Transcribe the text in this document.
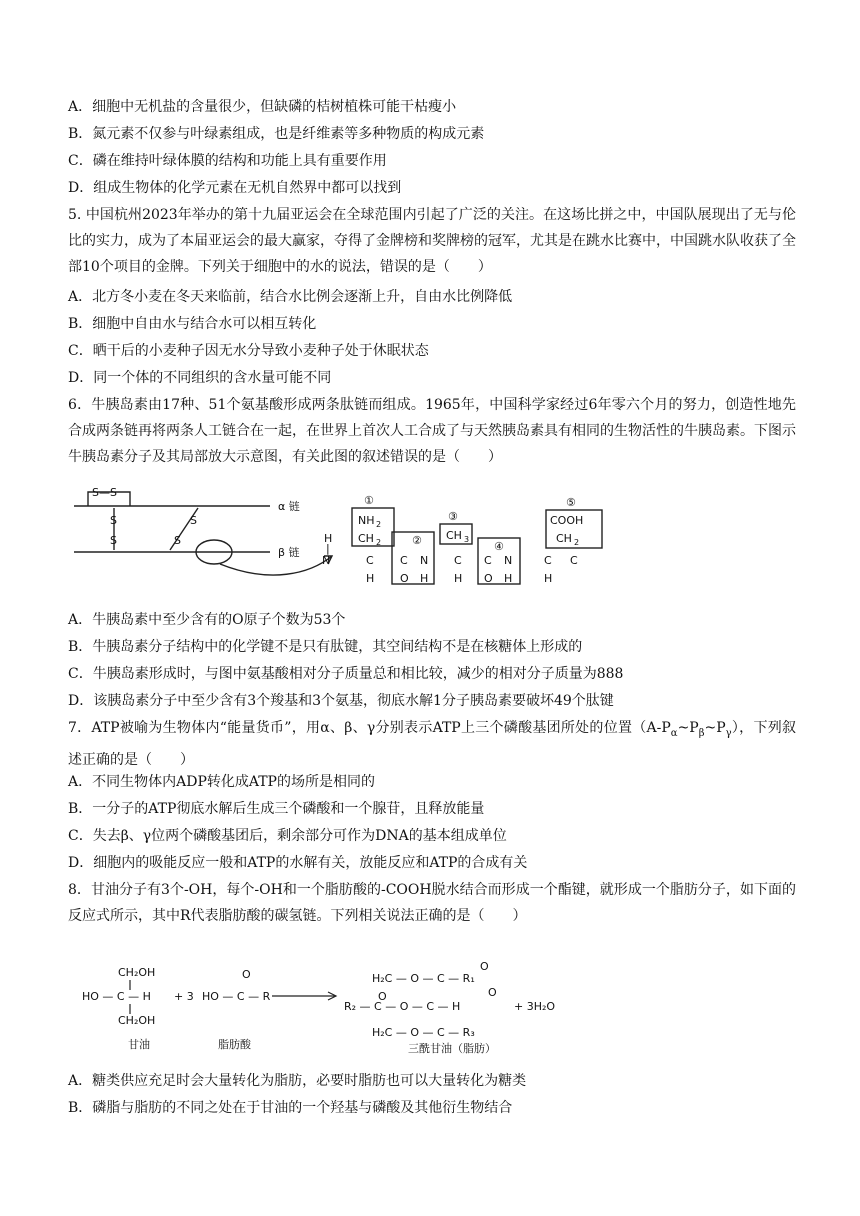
A．细胞中无机盐的含量很少，但缺磷的桔树植株可能干枯瘦小
B．氮元素不仅参与叶绿素组成，也是纤维素等多种物质的构成元素
C．磷在维持叶绿体膜的结构和功能上具有重要作用
D．组成生物体的化学元素在无机自然界中都可以找到
5. 中国杭州2023年举办的第十九届亚运会在全球范围内引起了广泛的关注。在这场比拼之中，中国队展现出了无与伦比的实力，成为了本届亚运会的最大赢家，夺得了金牌榜和奖牌榜的冠军，尤其是在跳水比赛中，中国跳水队收获了全部10个项目的金牌。下列关于细胞中的水的说法，错误的是（　　）
A．北方冬小麦在冬天来临前，结合水比例会逐渐上升，自由水比例降低
B．细胞中自由水与结合水可以相互转化
C．晒干后的小麦种子因无水分导致小麦种子处于休眠状态
D．同一个体的不同组织的含水量可能不同
6．牛胰岛素由17种、51个氨基酸形成两条肽链而组成。1965年，中国科学家经过6年零六个月的努力，创造性地先合成两条链再将两条人工链合在一起，在世界上首次人工合成了与天然胰岛素具有相同的生物活性的牛胰岛素。下图示牛胰岛素分子及其局部放大示意图，有关此图的叙述错误的是（　　）
S—S
α 链
β 链
S
S
S
S
①
②
③
④
⑤
NH 2
CH 2
CH 3
COOH
CH 2
H
|
N	C C N C C N	C C
O H	O H
H	H	H
A．牛胰岛素中至少含有的O原子个数为53个
B．牛胰岛素分子结构中的化学键不是只有肽键，其空间结构不是在核糖体上形成的
C．牛胰岛素形成时，与图中氨基酸相对分子质量总和相比较，减少的相对分子质量为888
D．该胰岛素分子中至少含有3个羧基和3个氨基，彻底水解1分子胰岛素要破坏49个肽键
7．ATP被喻为生物体内“能量货币”，用α、β、γ分别表示ATP上三个磷酸基团所处的位置$(A-P_\alpha\sim P_\beta\sim P_\gamma)$，下列叙述正确的是（　　）
A．不同生物体内ADP转化成ATP的场所是相同的
B．一分子的ATP彻底水解后生成三个磷酸和一个腺苷，且释放能量
C．失去β、γ位两个磷酸基团后，剩余部分可作为DNA的基本组成单位
D．细胞内的吸能反应一般和ATP的水解有关，放能反应和ATP的合成有关
8．甘油分子有3个-OH，每个-OH和一个脂肪酸的-COOH脱水结合而形成一个酯键，就形成一个脂肪分子，如下面的反应式所示，其中R代表脂肪酸的碳氢链。下列相关说法正确的是（　　）
CH₂OH
HO — C — H
CH₂OH
甘油
+ 3
O
HO — C — R
脂肪酸
O
H₂C — O — C — R₁
O	O
R₂ — C — O — C — H
H₂C — O — C — R₃
三酰甘油（脂肪）
+ 3H₂O
A．糖类供应充足时会大量转化为脂肪，必要时脂肪也可以大量转化为糖类
B．磷脂与脂肪的不同之处在于甘油的一个羟基与磷酸及其他衍生物结合
